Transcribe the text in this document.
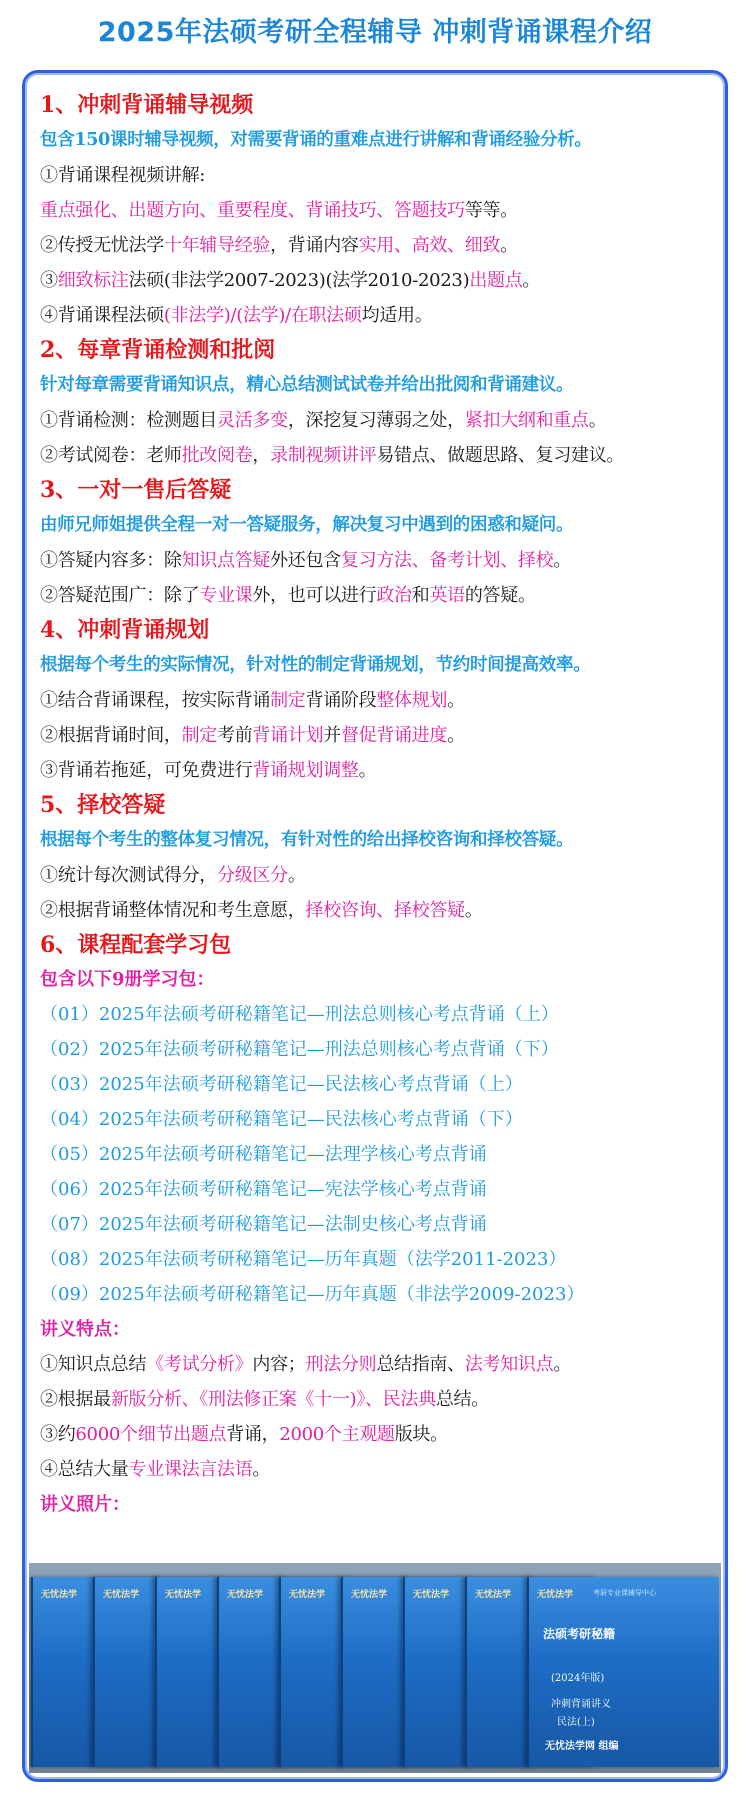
2025年法硕考研全程辅导 冲刺背诵课程介绍
1、冲刺背诵辅导视频
包含150课时辅导视频，对需要背诵的重难点进行讲解和背诵经验分析。
①背诵课程视频讲解:
重点强化、出题方向、重要程度、背诵技巧、答题技巧等等。
②传授无忧法学十年辅导经验，背诵内容实用、高效、细致。
③细致标注法硕(非法学2007-2023)(法学2010-2023)出题点。
④背诵课程法硕(非法学)/(法学)/在职法硕均适用。
2、每章背诵检测和批阅
针对每章需要背诵知识点，精心总结测试试卷并给出批阅和背诵建议。
①背诵检测：检测题目灵活多变，深挖复习薄弱之处，紧扣大纲和重点。
②考试阅卷：老师批改阅卷，录制视频讲评易错点、做题思路、复习建议。
3、一对一售后答疑
由师兄师姐提供全程一对一答疑服务，解决复习中遇到的困惑和疑问。
①答疑内容多：除知识点答疑外还包含复习方法、备考计划、择校。
②答疑范围广：除了专业课外，也可以进行政治和英语的答疑。
4、冲刺背诵规划
根据每个考生的实际情况，针对性的制定背诵规划，节约时间提高效率。
①结合背诵课程，按实际背诵制定背诵阶段整体规划。
②根据背诵时间，制定考前背诵计划并督促背诵进度。
③背诵若拖延，可免费进行背诵规划调整。
5、择校答疑
根据每个考生的整体复习情况，有针对性的给出择校咨询和择校答疑。
①统计每次测试得分，分级区分。
②根据背诵整体情况和考生意愿，择校咨询、择校答疑。
6、课程配套学习包
包含以下9册学习包：
（01）2025年法硕考研秘籍笔记—刑法总则核心考点背诵（上）
（02）2025年法硕考研秘籍笔记—刑法总则核心考点背诵（下）
（03）2025年法硕考研秘籍笔记—民法核心考点背诵（上）
（04）2025年法硕考研秘籍笔记—民法核心考点背诵（下）
（05）2025年法硕考研秘籍笔记—法理学核心考点背诵
（06）2025年法硕考研秘籍笔记—宪法学核心考点背诵
（07）2025年法硕考研秘籍笔记—法制史核心考点背诵
（08）2025年法硕考研秘籍笔记—历年真题（法学2011-2023）
（09）2025年法硕考研秘籍笔记—历年真题（非法学2009-2023）
讲义特点：
①知识点总结《考试分析》内容；刑法分则总结指南、法考知识点。
②根据最新版分析、《刑法修正案《十一)》、民法典总结。
③约6000个细节出题点背诵，2000个主观题版块。
④总结大量专业课法言法语。
讲义照片：
无忧法学	无忧法学	无忧法学	无忧法学	无忧法学	无忧法学	无忧法学	无忧法学	无忧法学	考研专业课辅导中心
法硕考研秘籍
(2024年版)
冲刺背诵讲义
民法(上)
无忧法学网 组编
